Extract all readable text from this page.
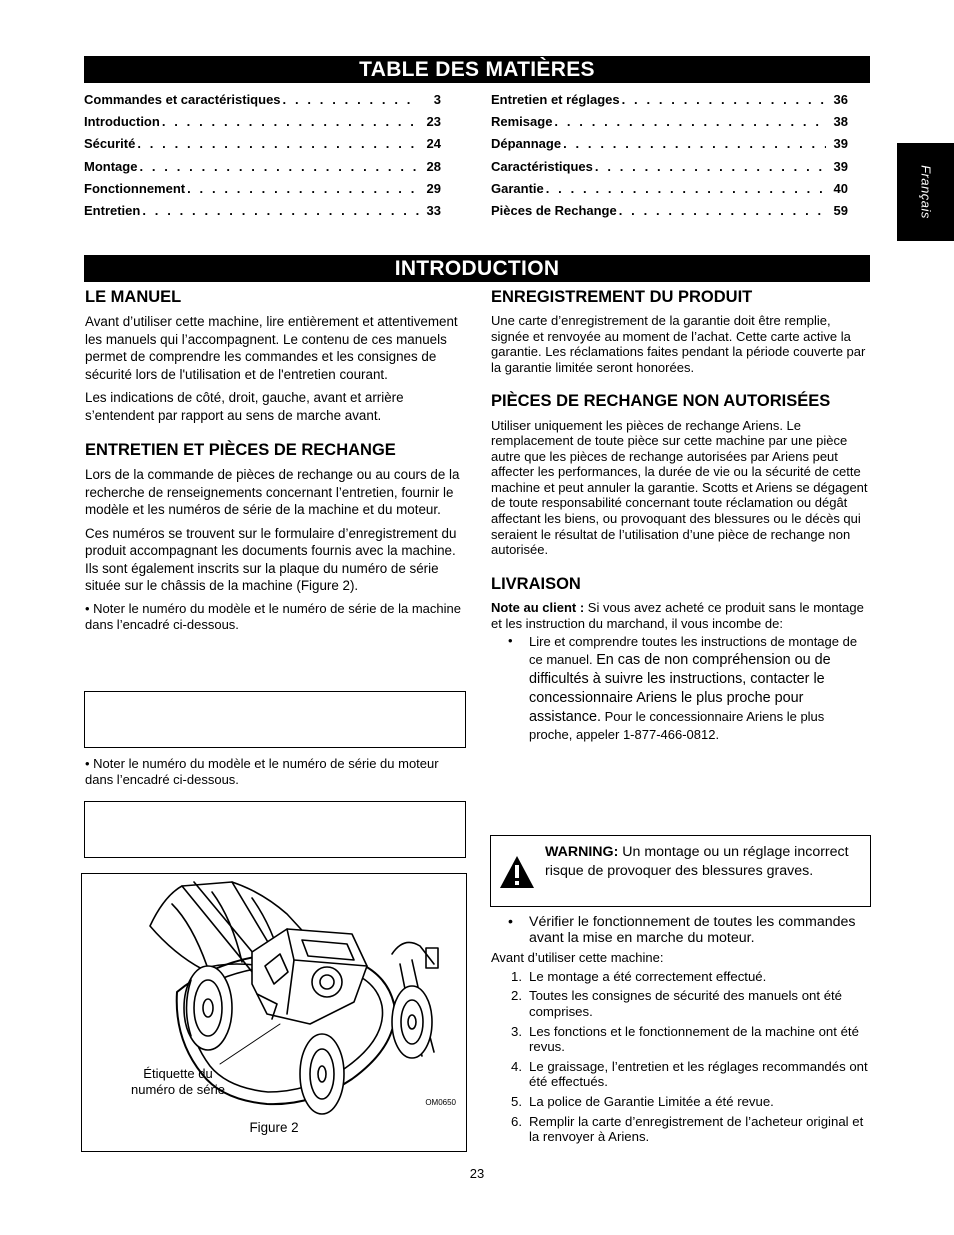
TABLE DES MATIÈRES
Commandes et caractéristiques . . .	3
Introduction . . .	23
Sécurité . . .	24
Montage . . .	28
Fonctionnement . . .	29
Entretien . . .	33
Entretien et réglages . . .	36
Remisage . . .	38
Dépannage . . .	39
Caractéristiques . . .	39
Garantie . . .	40
Pièces de Rechange . . .	59	Français
INTRODUCTION
LE MANUEL

Avant d’utiliser cette machine, lire entièrement et attentivement les manuels qui l’accompagnent. Le contenu de ces manuels permet de comprendre les commandes et les consignes de sécurité lors de l'utilisation et de l'entretien courant.

Les indications de côté, droit, gauche, avant et arrière s’entendent par rapport au sens de marche avant.

ENTRETIEN ET PIÈCES DE RECHANGE

Lors de la commande de pièces de rechange ou au cours de la recherche de renseignements concernant l’entretien, fournir le modèle et les numéros de série de la machine et du moteur.

Ces numéros se trouvent sur le formulaire d’enregistrement du produit accompagnant les documents fournis avec la machine. Ils sont également inscrits sur la plaque du numéro de série située sur le châssis de la machine (Figure 2).

• Noter le numéro du modèle et le numéro de série de la machine dans l’encadré ci-dessous.

• Noter le numéro du modèle et le numéro de série du moteur dans l’encadré ci-dessous.

Étiquette du
numéro de série
OM0650
Figure 2
ENREGISTREMENT DU PRODUIT

Une carte d’enregistrement de la garantie doit être remplie, signée et renvoyée au moment de l’achat. Cette carte active la garantie. Les réclamations faites pendant la période couverte par la garantie limitée seront honorées.

PIÈCES DE RECHANGE NON AUTORISÉES

Utiliser uniquement les pièces de rechange Ariens. Le remplacement de toute pièce sur cette machine par une pièce autre que les pièces de rechange autorisées par Ariens peut affecter les performances, la durée de vie ou la sécurité de cette machine et peut annuler la garantie. Scotts et Ariens se dégagent de toute responsabilité concernant toute réclamation ou dégât affectant les biens, ou provoquant des blessures ou le décès qui seraient le résultat de l’utilisation d’une pièce de rechange non autorisée.

LIVRAISON

Note au client : Si vous avez acheté ce produit sans le montage et les instruction du marchand, il vous incombe de:

• Lire et comprendre toutes les instructions de montage de ce manuel. En cas de non compréhension ou de difficultés à suivre les instructions, contacter le concessionnaire Ariens le plus proche pour assistance. Pour le concessionnaire Ariens le plus proche, appeler 1-877-466-0812.
WARNING: Un montage ou un réglage incorrect risque de provoquer des blessures graves.
• Vérifier le fonctionnement de toutes les commandes avant la mise en marche du moteur.

Avant d’utiliser cette machine:

1. Le montage a été correctement effectué.
2. Toutes les consignes de sécurité des manuels ont été comprises.
3. Les fonctions et le fonctionnement de la machine ont été revus.
4. Le graissage, l’entretien et les réglages recommandés ont été effectués.
5. La police de Garantie Limitée a été revue.
6. Remplir la carte d’enregistrement de l’acheteur original et la renvoyer à Ariens.
23
